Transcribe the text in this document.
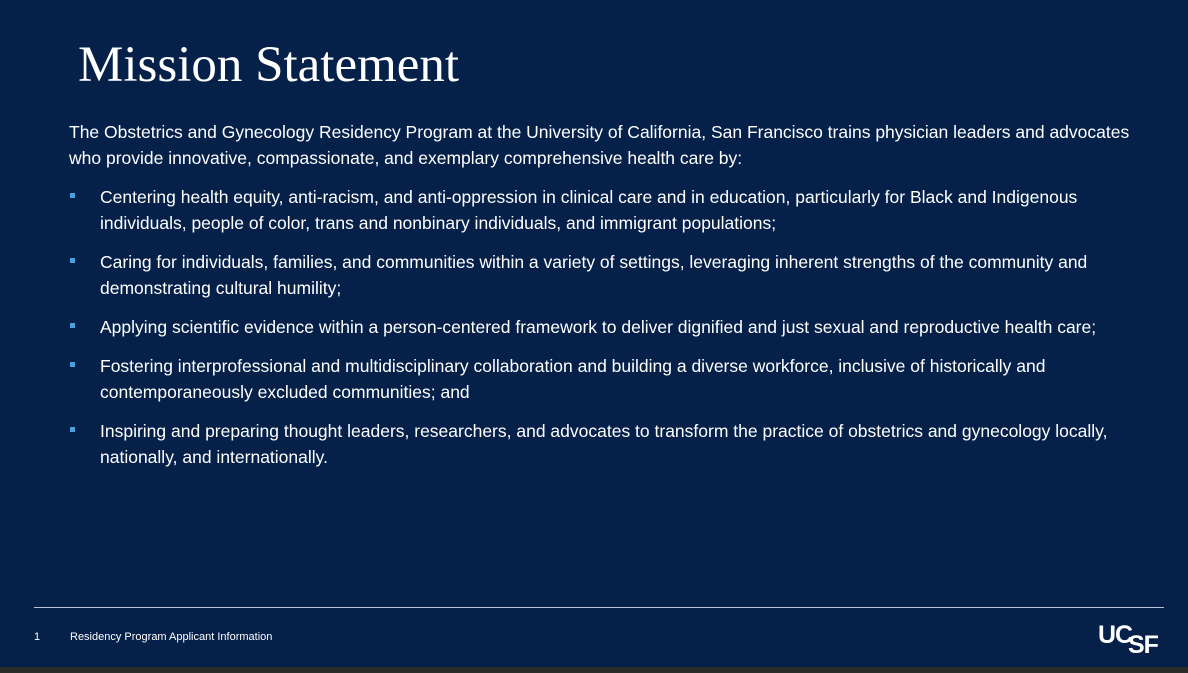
Mission Statement

The Obstetrics and Gynecology Residency Program at the University of California, San Francisco trains physician leaders and advocates who provide innovative, compassionate, and exemplary comprehensive health care by:

Centering health equity, anti-racism, and anti-oppression in clinical care and in education, particularly for Black and Indigenous individuals, people of color, trans and nonbinary individuals, and immigrant populations;
Caring for individuals, families, and communities within a variety of settings, leveraging inherent strengths of the community and demonstrating cultural humility;
Applying scientific evidence within a person-centered framework to deliver dignified and just sexual and reproductive health care;
Fostering interprofessional and multidisciplinary collaboration and building a diverse workforce, inclusive of historically and contemporaneously excluded communities; and
Inspiring and preparing thought leaders, researchers, and advocates to transform the practice of obstetrics and gynecology locally, nationally, and internationally.
1	Residency Program Applicant Information	UC
SF
